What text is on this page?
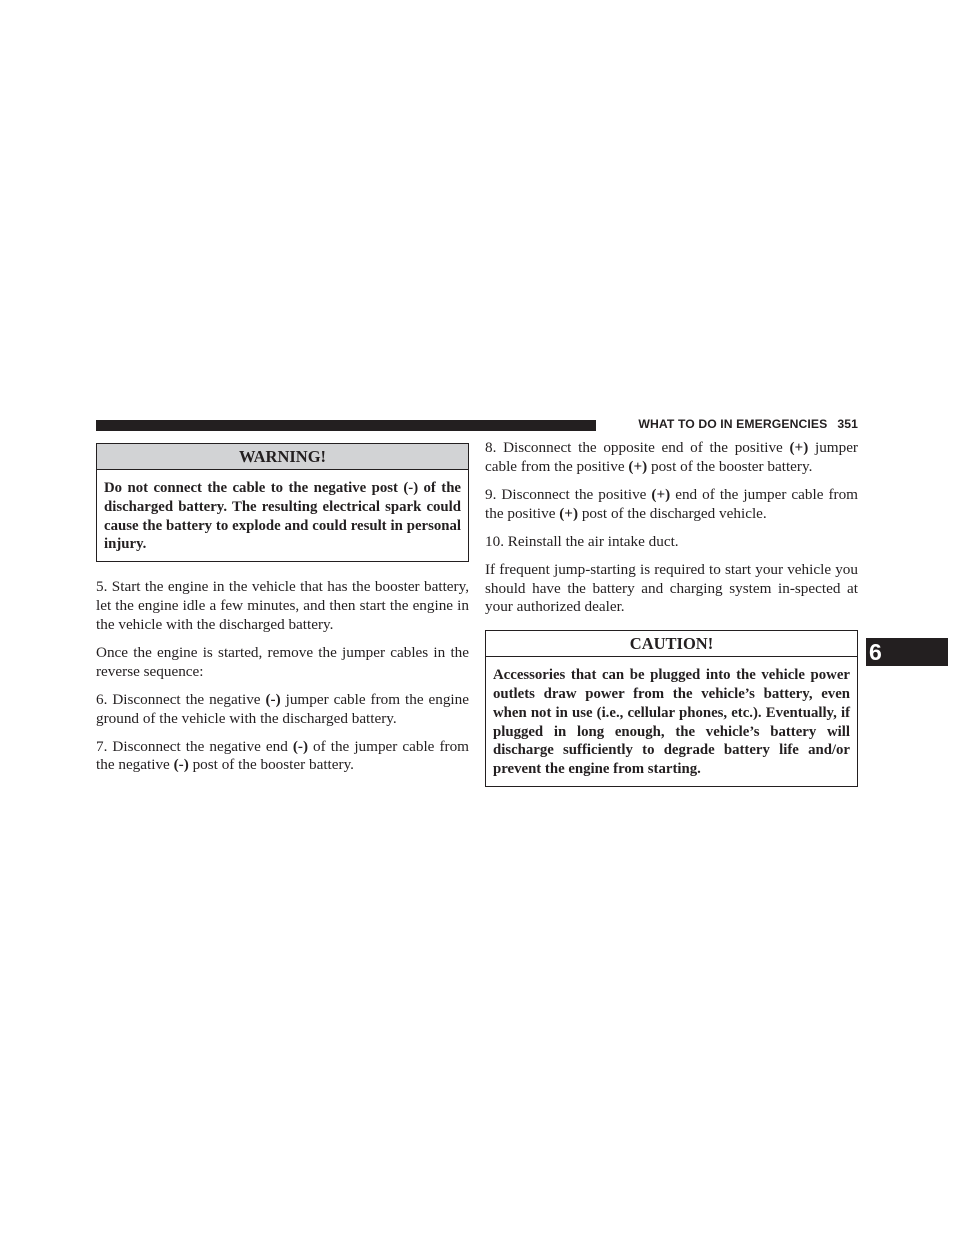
WHAT TO DO IN EMERGENCIES 351
WARNING!
Do not connect the cable to the negative post (-) of the discharged battery. The resulting electrical spark could cause the battery to explode and could result in personal injury.

5. Start the engine in the vehicle that has the booster battery, let the engine idle a few minutes, and then start the engine in the vehicle with the discharged battery.

Once the engine is started, remove the jumper cables in the reverse sequence:

6. Disconnect the negative (-) jumper cable from the engine ground of the vehicle with the discharged battery.

7. Disconnect the negative end (-) of the jumper cable from the negative (-) post of the booster battery.

8. Disconnect the opposite end of the positive (+) jumper cable from the positive (+) post of the booster battery.

9. Disconnect the positive (+) end of the jumper cable from the positive (+) post of the discharged vehicle.

10. Reinstall the air intake duct.

If frequent jump-starting is required to start your vehicle you should have the battery and charging system in-spected at your authorized dealer.

CAUTION!
Accessories that can be plugged into the vehicle power outlets draw power from the vehicle’s battery, even when not in use (i.e., cellular phones, etc.). Eventually, if plugged in long enough, the vehicle’s battery will discharge sufficiently to degrade battery life and/or prevent the engine from starting.
6
